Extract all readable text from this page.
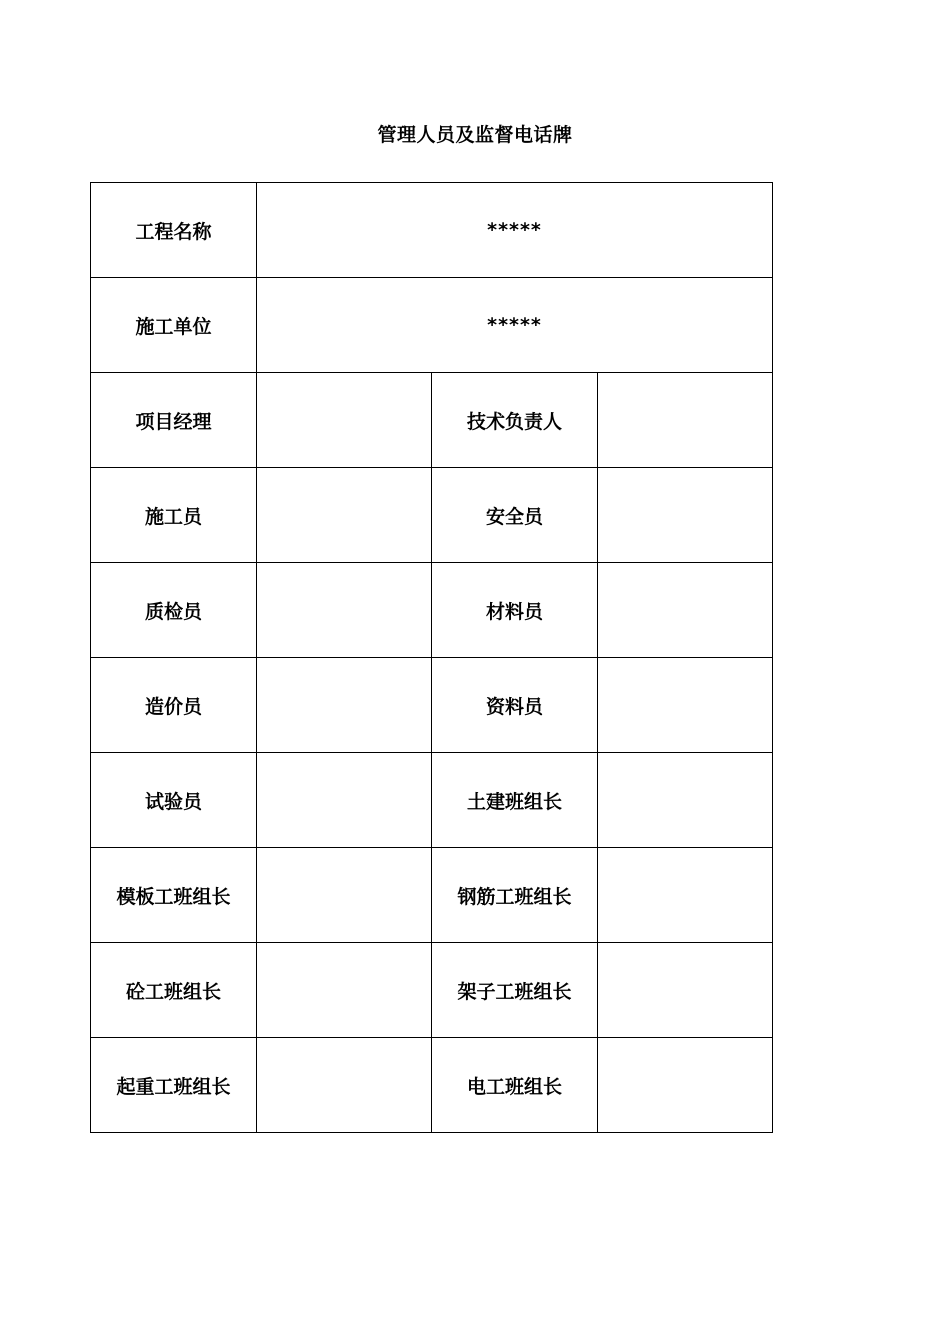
管理人员及监督电话牌
工程名称	*****		
施工单位	*****		
项目经理		技术负责人	
施工员		安全员	
质检员		材料员	
造价员		资料员	
试验员		土建班组长	
模板工班组长		钢筋工班组长	
砼工班组长		架子工班组长	
起重工班组长		电工班组长	
